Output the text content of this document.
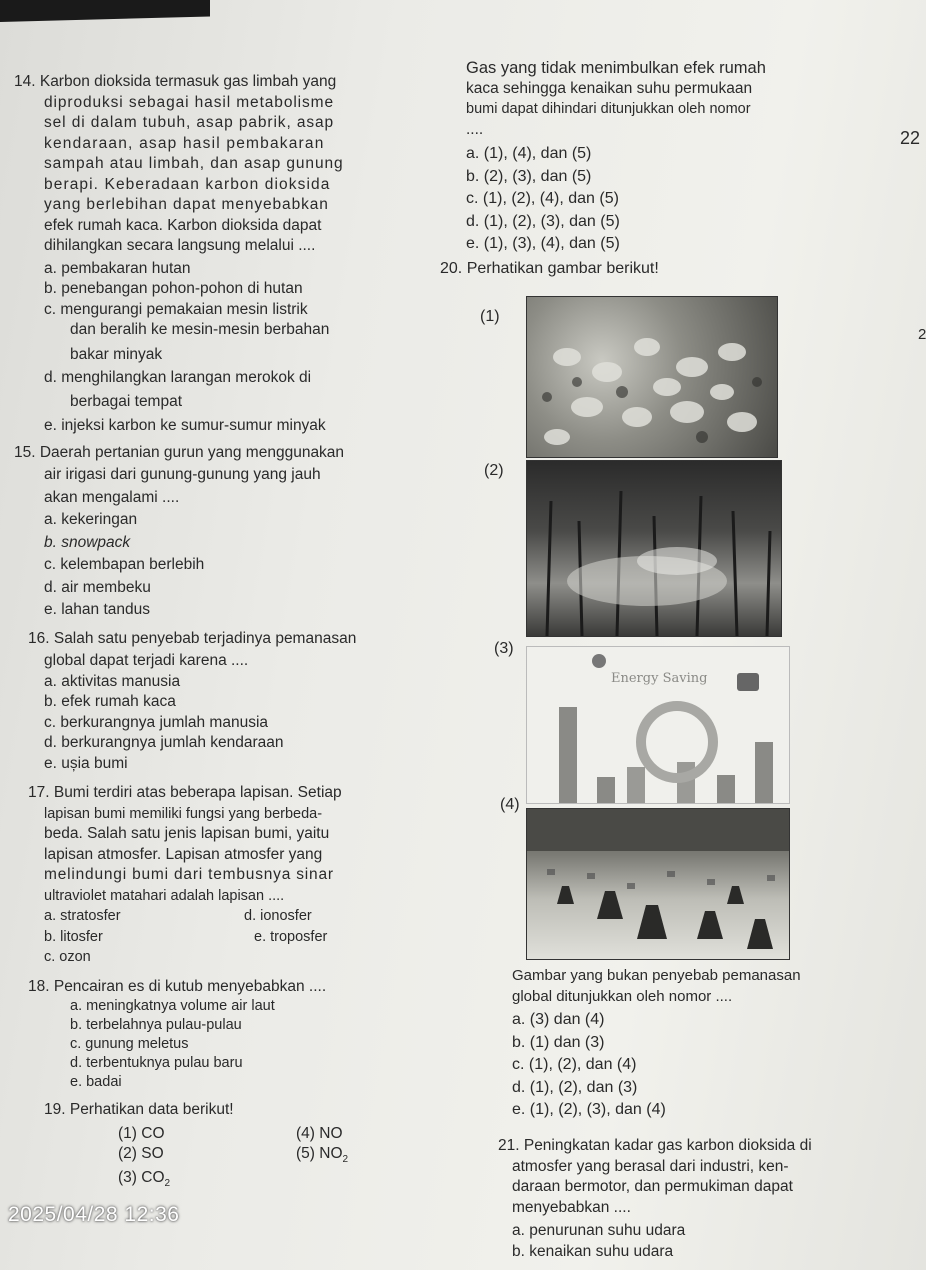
14. Karbon dioksida termasuk gas limbah yang

diproduksi sebagai hasil metabolisme

sel di dalam tubuh, asap pabrik, asap

kendaraan, asap hasil pembakaran

sampah atau limbah, dan asap gunung

berapi. Keberadaan karbon dioksida

yang berlebihan dapat menyebabkan

efek rumah kaca. Karbon dioksida dapat

dihilangkan secara langsung melalui ....

a. pembakaran hutan

b. penebangan pohon-pohon di hutan

c. mengurangi pemakaian mesin listrik

dan beralih ke mesin-mesin berbahan

bakar minyak

d. menghilangkan larangan merokok di

berbagai tempat

e. injeksi karbon ke sumur-sumur minyak

15. Daerah pertanian gurun yang menggunakan

air irigasi dari gunung-gunung yang jauh

akan mengalami ....

a. kekeringan

b. snowpack

c. kelembapan berlebih

d. air membeku

e. lahan tandus

16. Salah satu penyebab terjadinya pemanasan

global dapat terjadi karena ....

a. aktivitas manusia

b. efek rumah kaca

c. berkurangnya jumlah manusia

d. berkurangnya jumlah kendaraan

e. ușia bumi

17. Bumi terdiri atas beberapa lapisan. Setiap

lapisan bumi memiliki fungsi yang berbeda-

beda. Salah satu jenis lapisan bumi, yaitu

lapisan atmosfer. Lapisan atmosfer yang

melindungi bumi dari tembusnya sinar

ultraviolet matahari adalah lapisan ....

a. stratosfer	d. ionosfer
b. litosfer	e. troposfer
c. ozon

18. Pencairan es di kutub menyebabkan ....

a. meningkatnya volume air laut

b. terbelahnya pulau-pulau

c. gunung meletus

d. terbentuknya pulau baru

e. badai

19. Perhatikan data berikut!

(1) CO	(4) NO
(2) SO	(5) $NO_2$
(3) $CO_2$

Gas yang tidak menimbulkan efek rumah

kaca sehingga kenaikan suhu permukaan

bumi dapat dihindari ditunjukkan oleh nomor

....

a. (1), (4), dan (5)

b. (2), (3), dan (5)

c. (1), (2), (4), dan (5)

d. (1), (2), (3), dan (5)

e. (1), (3), (4), dan (5)

20. Perhatikan gambar berikut!

22
(1)
(2)
(3)
Energy Saving
(4)
2

Gambar yang bukan penyebab pemanasan

global ditunjukkan oleh nomor ....

a. (3) dan (4)

b. (1) dan (3)

c. (1), (2), dan (4)

d. (1), (2), dan (3)

e. (1), (2), (3), dan (4)

21. Peningkatan kadar gas karbon dioksida di

atmosfer yang berasal dari industri, ken-

daraan bermotor, dan permukiman dapat

menyebabkan ....

a. penurunan suhu udara

b. kenaikan suhu udara

2025/04/28 12:36
